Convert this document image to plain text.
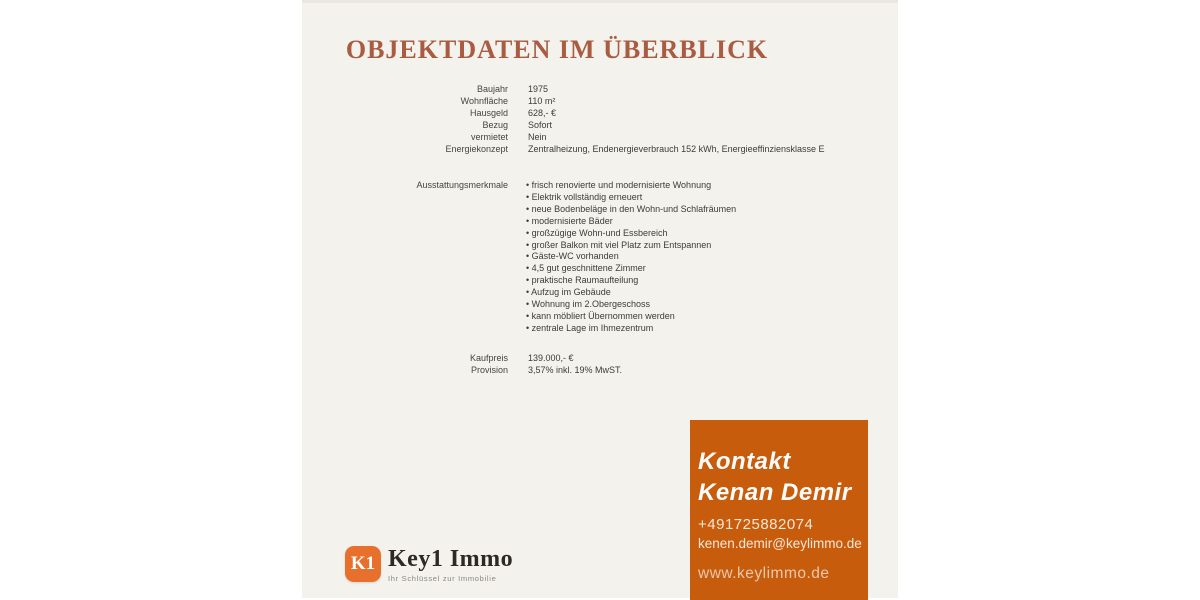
OBJEKTDATEN IM ÜBERBLICK
Baujahr 1975
Wohnfläche 110 m²
Hausgeld 628,- €
Bezug Sofort
vermietet Nein
Energiekonzept Zentralheizung, Endenergieverbrauch 152 kWh, Energieeffinziensklasse E
Ausstattungsmerkmale	• frisch renovierte und modernisierte Wohnung
• Elektrik vollständig erneuert
• neue Bodenbeläge in den Wohn-und Schlafräumen
• modernisierte Bäder
• großzügige Wohn-und Essbereich
• großer Balkon mit viel Platz zum Entspannen
• Gäste-WC vorhanden
• 4,5 gut geschnittene Zimmer
• praktische Raumaufteilung
• Aufzug im Gebäude
• Wohnung im 2.Obergeschoss
• kann möbliert Übernommen werden
• zentrale Lage im Ihmezentrum
Kaufpreis 139.000,- €
Provision 3,57% inkl. 19% MwST.
Kontakt Kenan Demir
+491725882074
kenen.demir@keylimmo.de
www.keylimmo.de
K1 Key1 Immo
Ihr Schlüssel zur Immobilie
